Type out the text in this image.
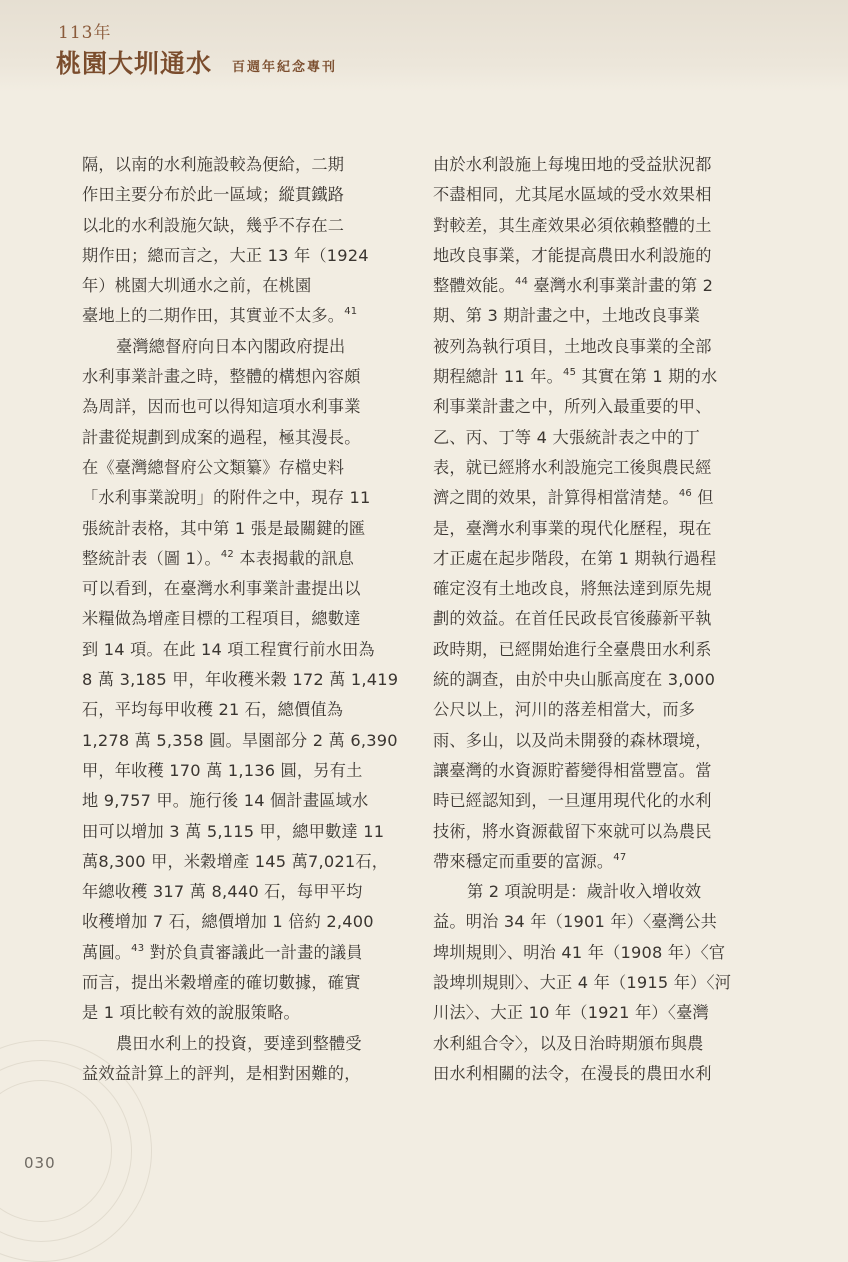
113年
桃園大圳通水 百週年紀念專刊
隔，以南的水利施設較為便給，二期
作田主要分布於此一區域；縱貫鐵路
以北的水利設施欠缺，幾乎不存在二
期作田；總而言之，大正 13 年（1924
年）桃園大圳通水之前，在桃園
臺地上的二期作田，其實並不太多。$^{41}$
臺灣總督府向日本內閣政府提出
水利事業計畫之時，整體的構想內容頗
為周詳，因而也可以得知這項水利事業
計畫從規劃到成案的過程，極其漫長。
在《臺灣總督府公文類纂》存檔史料
「水利事業說明」的附件之中，現存 11
張統計表格，其中第 1 張是最關鍵的匯
整統計表（圖 1）。$^{42}$ 本表揭載的訊息
可以看到，在臺灣水利事業計畫提出以
米糧做為增產目標的工程項目，總數達
到 14 項。在此 14 項工程實行前水田為
8 萬 3,185 甲，年收穫米穀 172 萬 1,419
石，平均每甲收穫 21 石，總價值為
1,278 萬 5,358 圓。旱園部分 2 萬 6,390
甲，年收穫 170 萬 1,136 圓，另有土
地 9,757 甲。施行後 14 個計畫區域水
田可以增加 3 萬 5,115 甲，總甲數達 11
萬8,300 甲，米穀增產 145 萬7,021石，
年總收穫 317 萬 8,440 石，每甲平均
收穫增加 7 石，總價增加 1 倍約 2,400
萬圓。$^{43}$ 對於負責審議此一計畫的議員
而言，提出米穀增產的確切數據，確實
是 1 項比較有效的說服策略。
農田水利上的投資，要達到整體受
益效益計算上的評判，是相對困難的，
由於水利設施上每塊田地的受益狀況都
不盡相同，尤其尾水區域的受水效果相
對較差，其生產效果必須依賴整體的土
地改良事業，才能提高農田水利設施的
整體效能。$^{44}$ 臺灣水利事業計畫的第 2
期、第 3 期計畫之中，土地改良事業
被列為執行項目，土地改良事業的全部
期程總計 11 年。$^{45}$ 其實在第 1 期的水
利事業計畫之中，所列入最重要的甲、
乙、丙、丁等 4 大張統計表之中的丁
表，就已經將水利設施完工後與農民經
濟之間的效果，計算得相當清楚。$^{46}$ 但
是，臺灣水利事業的現代化歷程，現在
才正處在起步階段，在第 1 期執行過程
確定沒有土地改良，將無法達到原先規
劃的效益。在首任民政長官後藤新平執
政時期，已經開始進行全臺農田水利系
統的調查，由於中央山脈高度在 3,000
公尺以上，河川的落差相當大，而多
雨、多山，以及尚未開發的森林環境，
讓臺灣的水資源貯蓄變得相當豐富。當
時已經認知到，一旦運用現代化的水利
技術，將水資源截留下來就可以為農民
帶來穩定而重要的富源。$^{47}$
第 2 項說明是：歲計收入增收效
益。明治 34 年（1901 年）〈臺灣公共
埤圳規則〉、明治 41 年（1908 年）〈官
設埤圳規則〉、大正 4 年（1915 年）〈河
川法〉、大正 10 年（1921 年）〈臺灣
水利組合令〉，以及日治時期頒布與農
田水利相關的法令，在漫長的農田水利
030
